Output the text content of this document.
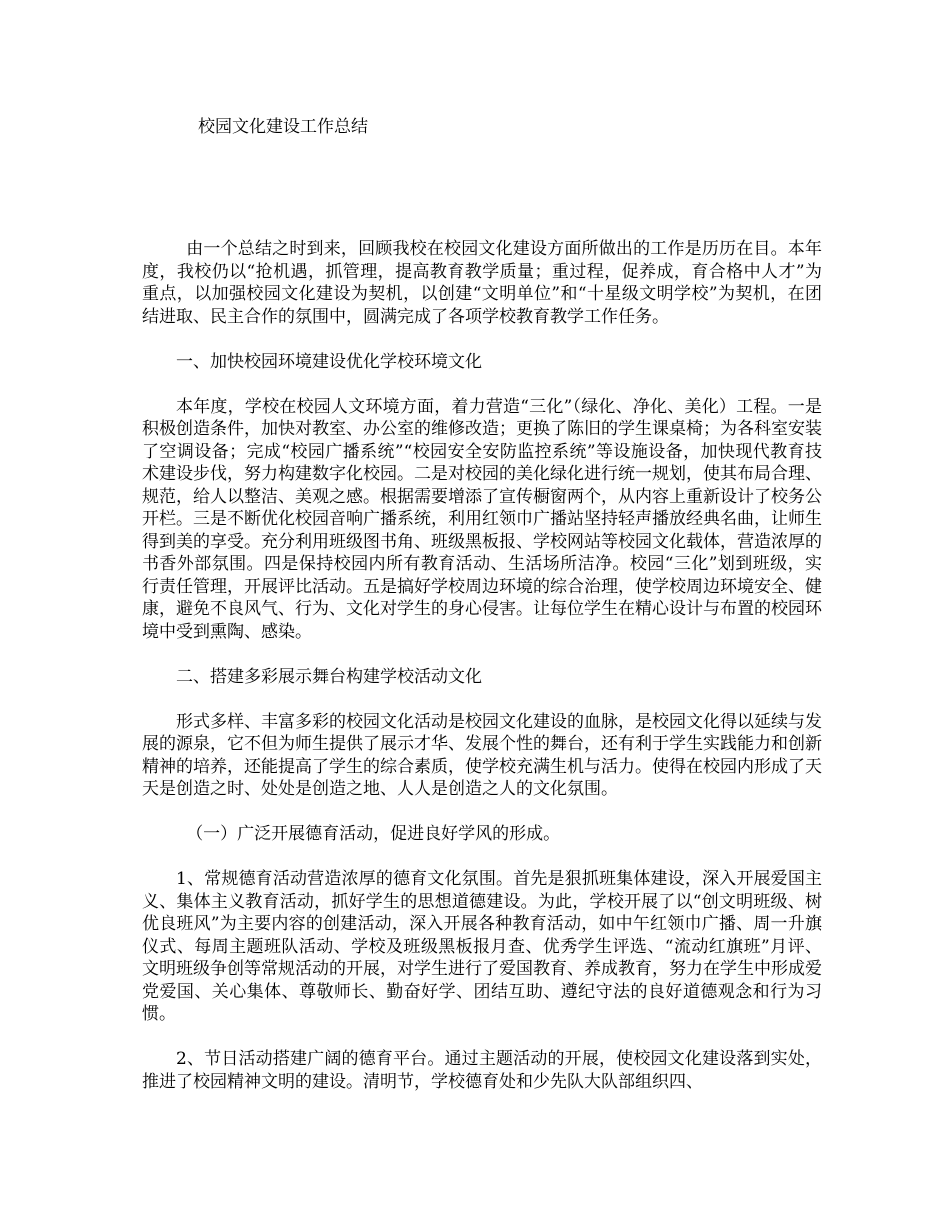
校园文化建设工作总结

由一个总结之时到来，回顾我校在校园文化建设方面所做出的工作是历历在目。本年度，我校仍以“抢机遇，抓管理，提高教育教学质量；重过程，促养成，育合格中人才”为重点，以加强校园文化建设为契机，以创建“文明单位”和“十星级文明学校”为契机，在团结进取、民主合作的氛围中，圆满完成了各项学校教育教学工作任务。

一、加快校园环境建设优化学校环境文化

本年度，学校在校园人文环境方面，着力营造“三化”（绿化、净化、美化）工程。一是积极创造条件，加快对教室、办公室的维修改造；更换了陈旧的学生课桌椅；为各科室安装了空调设备；完成“校园广播系统”“校园安全安防监控系统”等设施设备，加快现代教育技术建设步伐，努力构建数字化校园。二是对校园的美化绿化进行统一规划，使其布局合理、规范，给人以整洁、美观之感。根据需要增添了宣传橱窗两个，从内容上重新设计了校务公开栏。三是不断优化校园音响广播系统，利用红领巾广播站坚持轻声播放经典名曲，让师生得到美的享受。充分利用班级图书角、班级黑板报、学校网站等校园文化载体，营造浓厚的书香外部氛围。四是保持校园内所有教育活动、生活场所洁净。校园“三化”划到班级，实行责任管理，开展评比活动。五是搞好学校周边环境的综合治理，使学校周边环境安全、健康，避免不良风气、行为、文化对学生的身心侵害。让每位学生在精心设计与布置的校园环境中受到熏陶、感染。

二、搭建多彩展示舞台构建学校活动文化

形式多样、丰富多彩的校园文化活动是校园文化建设的血脉，是校园文化得以延续与发展的源泉，它不但为师生提供了展示才华、发展个性的舞台，还有利于学生实践能力和创新精神的培养，还能提高了学生的综合素质，使学校充满生机与活力。使得在校园内形成了天天是创造之时、处处是创造之地、人人是创造之人的文化氛围。

（一）广泛开展德育活动，促进良好学风的形成。

1、常规德育活动营造浓厚的德育文化氛围。首先是狠抓班集体建设，深入开展爱国主义、集体主义教育活动，抓好学生的思想道德建设。为此，学校开展了以“创文明班级、树优良班风”为主要内容的创建活动，深入开展各种教育活动，如中午红领巾广播、周一升旗仪式、每周主题班队活动、学校及班级黑板报月查、优秀学生评选、“流动红旗班”月评、文明班级争创等常规活动的开展，对学生进行了爱国教育、养成教育，努力在学生中形成爱党爱国、关心集体、尊敬师长、勤奋好学、团结互助、遵纪守法的良好道德观念和行为习惯。

2、节日活动搭建广阔的德育平台。通过主题活动的开展，使校园文化建设落到实处，推进了校园精神文明的建设。清明节，学校德育处和少先队大队部组织四、
